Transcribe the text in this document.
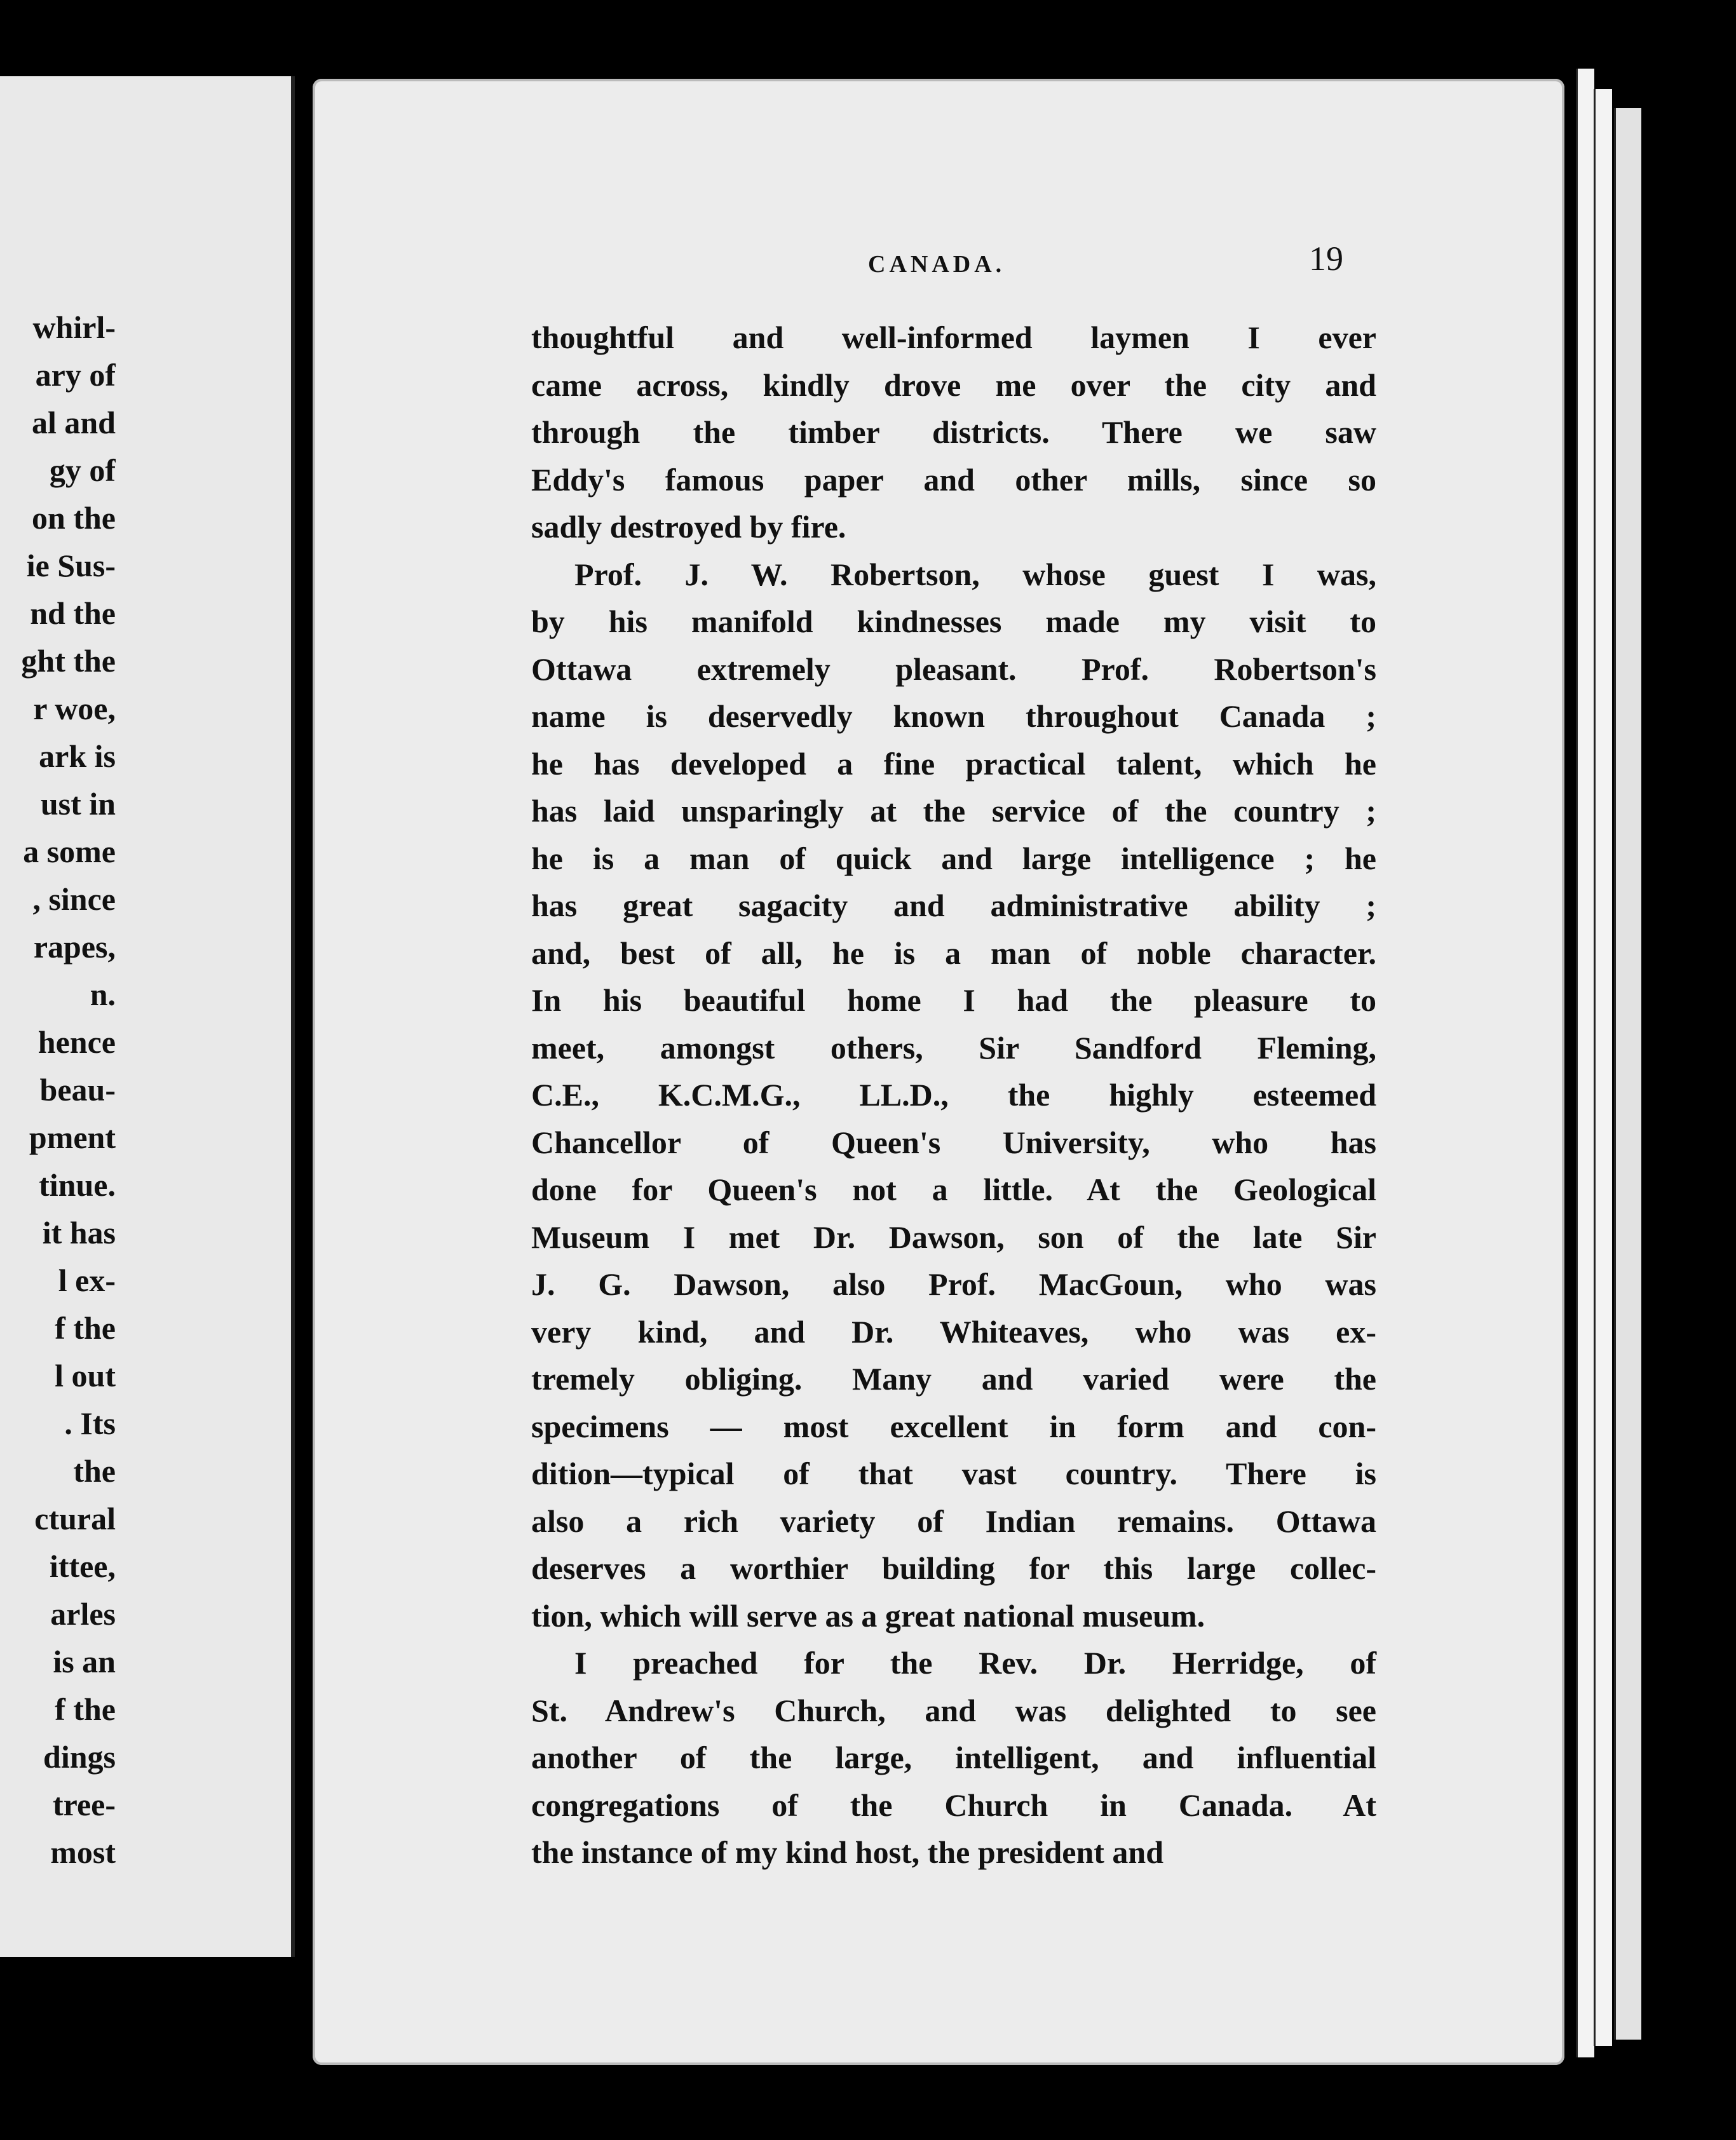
whirl-
ary of
al and
gy of
on the
ie Sus-
nd the
ght the
r woe,
ark is
ust in
a some
, since
rapes,
n.
hence
beau-
pment
tinue.
it has
l ex-
f the
l out
. Its
the
ctural
ittee,
arles
is an
f the
dings
tree-
most
CANADA.	19
thoughtful and well-informed laymen I ever
came across, kindly drove me over the city and
through the timber districts. There we saw
Eddy's famous paper and other mills, since so
sadly destroyed by fire.
Prof. J. W. Robertson, whose guest I was,
by his manifold kindnesses made my visit to
Ottawa extremely pleasant. Prof. Robertson's
name is deservedly known throughout Canada ;
he has developed a fine practical talent, which he
has laid unsparingly at the service of the country ;
he is a man of quick and large intelligence ; he
has great sagacity and administrative ability ;
and, best of all, he is a man of noble character.
In his beautiful home I had the pleasure to
meet, amongst others, Sir Sandford Fleming,
C.E., K.C.M.G., LL.D., the highly esteemed
Chancellor of Queen's University, who has
done for Queen's not a little. At the Geological
Museum I met Dr. Dawson, son of the late Sir
J. G. Dawson, also Prof. MacGoun, who was
very kind, and Dr. Whiteaves, who was ex-
tremely obliging. Many and varied were the
specimens — most excellent in form and con-
dition—typical of that vast country. There is
also a rich variety of Indian remains. Ottawa
deserves a worthier building for this large collec-
tion, which will serve as a great national museum.
I preached for the Rev. Dr. Herridge, of
St. Andrew's Church, and was delighted to see
another of the large, intelligent, and influential
congregations of the Church in Canada. At
the instance of my kind host, the president and
